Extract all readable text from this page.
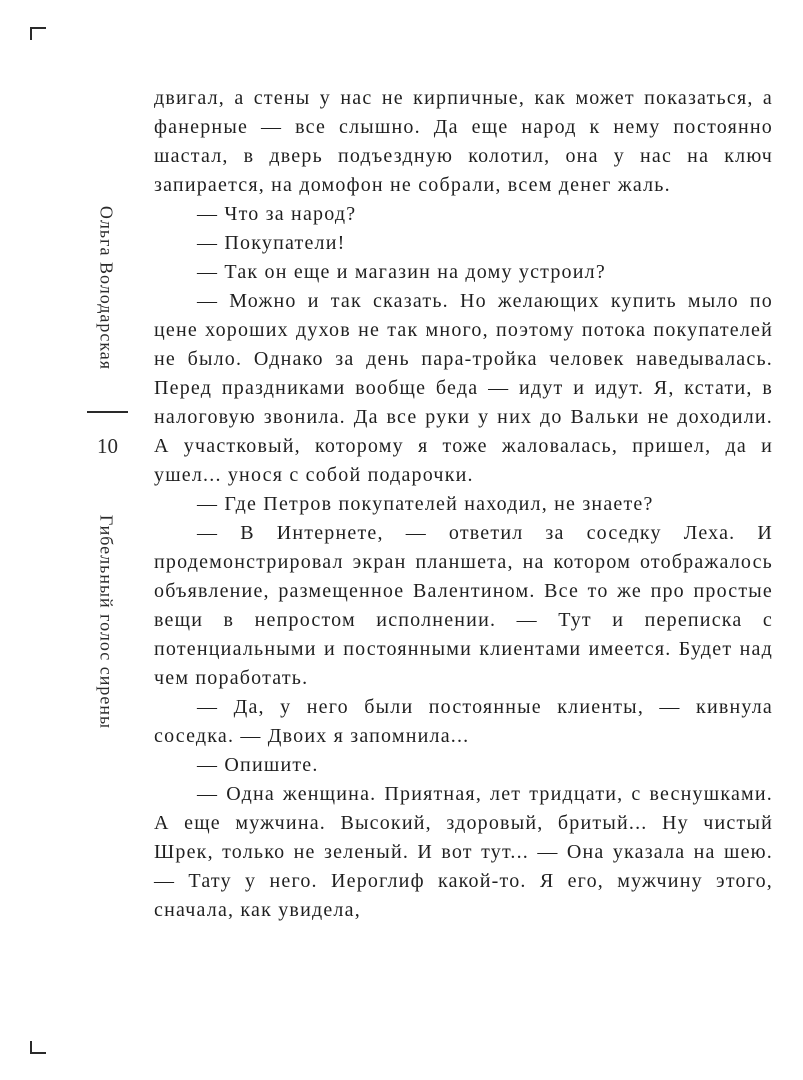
Ольга Володарская
10
Гибельный голос сирены

двигал, а стены у нас не кирпичные, как может показаться, а фанерные — все слышно. Да еще народ к нему постоянно шастал, в дверь подъездную колотил, она у нас на ключ запирается, на домофон не собрали, всем денег жаль.

— Что за народ?

— Покупатели!

— Так он еще и магазин на дому устроил?

— Можно и так сказать. Но желающих купить мыло по цене хороших духов не так много, поэтому потока покупателей не было. Однако за день пара-тройка человек наведывалась. Перед праздниками вообще беда — идут и идут. Я, кстати, в налоговую звонила. Да все руки у них до Вальки не доходили. А участковый, которому я тоже жаловалась, пришел, да и ушел... унося с собой подарочки.

— Где Петров покупателей находил, не знаете?

— В Интернете, — ответил за соседку Леха. И продемонстрировал экран планшета, на котором отображалось объявление, размещенное Валентином. Все то же про простые вещи в непростом исполнении. — Тут и переписка с потенциальными и постоянными клиентами имеется. Будет над чем поработать.

— Да, у него были постоянные клиенты, — кивнула соседка. — Двоих я запомнила...

— Опишите.

— Одна женщина. Приятная, лет тридцати, с веснушками. А еще мужчина. Высокий, здоровый, бритый... Ну чистый Шрек, только не зеленый. И вот тут... — Она указала на шею. — Тату у него. Иероглиф какой-то. Я его, мужчину этого, сначала, как увидела,
